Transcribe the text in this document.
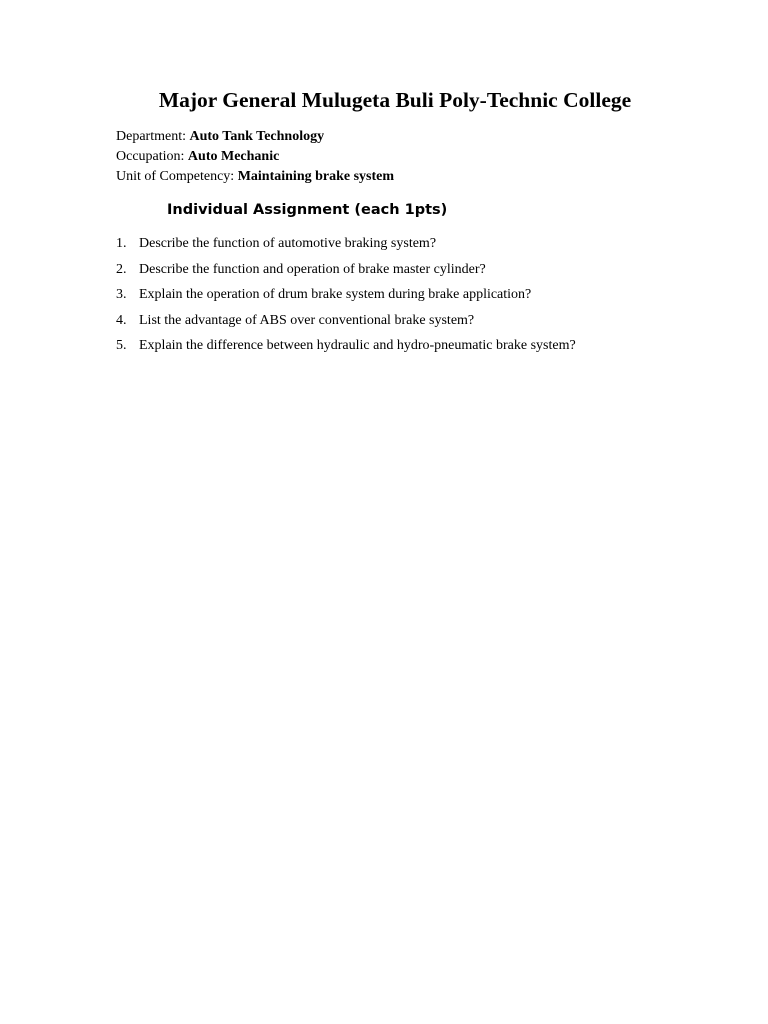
Major General Mulugeta Buli Poly-Technic College
Department: Auto Tank Technology
Occupation: Auto Mechanic
Unit of Competency: Maintaining brake system
Individual Assignment (each 1pts)
1. Describe the function of automotive braking system?
2. Describe the function and operation of brake master cylinder?
3. Explain the operation of drum brake system during brake application?
4. List the advantage of ABS over conventional brake system?
5. Explain the difference between hydraulic and hydro-pneumatic brake system?
